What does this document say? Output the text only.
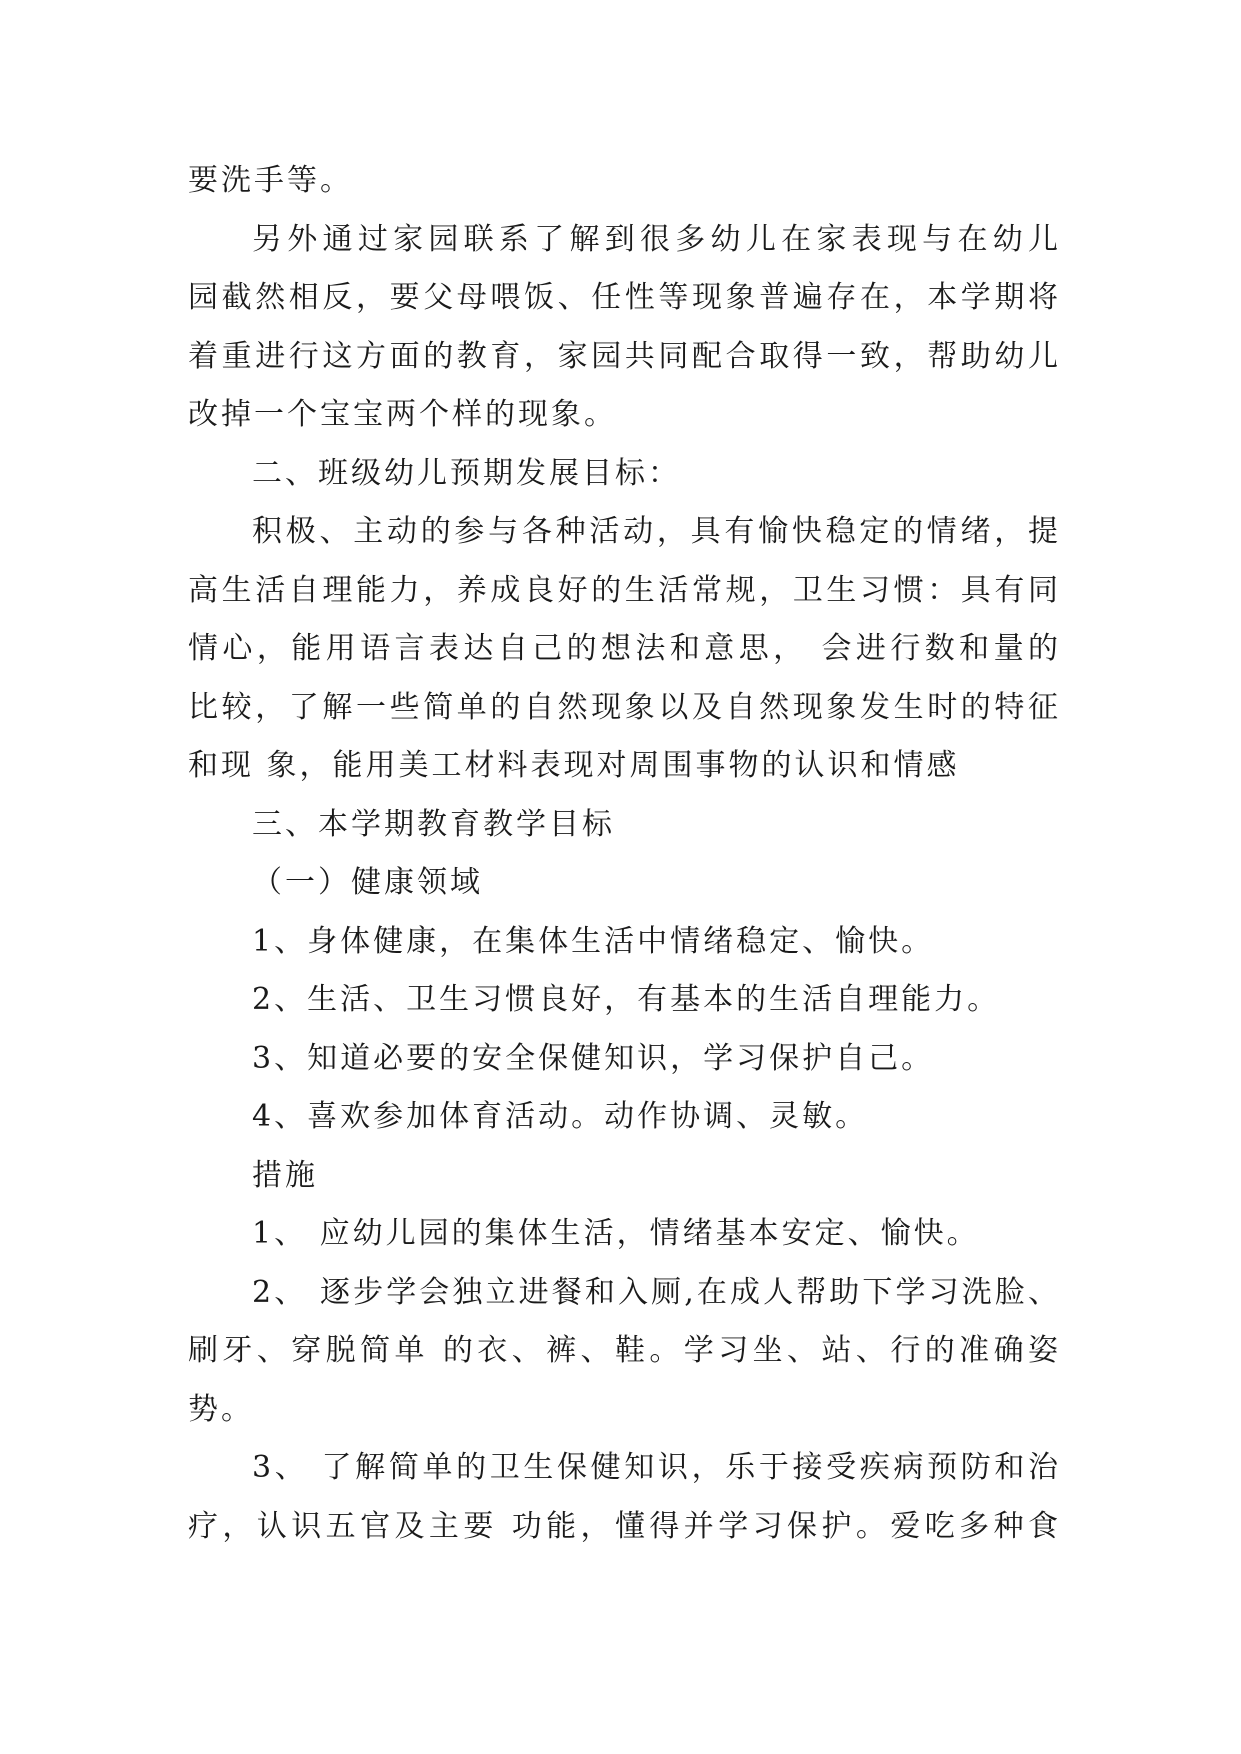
要洗手等。
另外通过家园联系了解到很多幼儿在家表现与在幼儿
园截然相反，要父母喂饭、任性等现象普遍存在，本学期将
着重进行这方面的教育，家园共同配合取得一致，帮助幼儿
改掉一个宝宝两个样的现象。
二、班级幼儿预期发展目标：
积极、主动的参与各种活动，具有愉快稳定的情绪，提
高生活自理能力，养成良好的生活常规，卫生习惯：具有同
情心，能用语言表达自己的想法和意思， 会进行数和量的
比较，了解一些简单的自然现象以及自然现象发生时的特征
和现 象，能用美工材料表现对周围事物的认识和情感
三、本学期教育教学目标
（一）健康领域
1、身体健康，在集体生活中情绪稳定、愉快。
2、生活、卫生习惯良好，有基本的生活自理能力。
3、知道必要的安全保健知识，学习保护自己。
4、喜欢参加体育活动。动作协调、灵敏。
措施
1、 应幼儿园的集体生活，情绪基本安定、愉快。
2、 逐步学会独立进餐和入厕,在成人帮助下学习洗脸、
刷牙、穿脱简单 的衣、裤、鞋。学习坐、站、行的准确姿
势。
3、 了解简单的卫生保健知识，乐于接受疾病预防和治
疗，认识五官及主要 功能，懂得并学习保护。爱吃多种食
